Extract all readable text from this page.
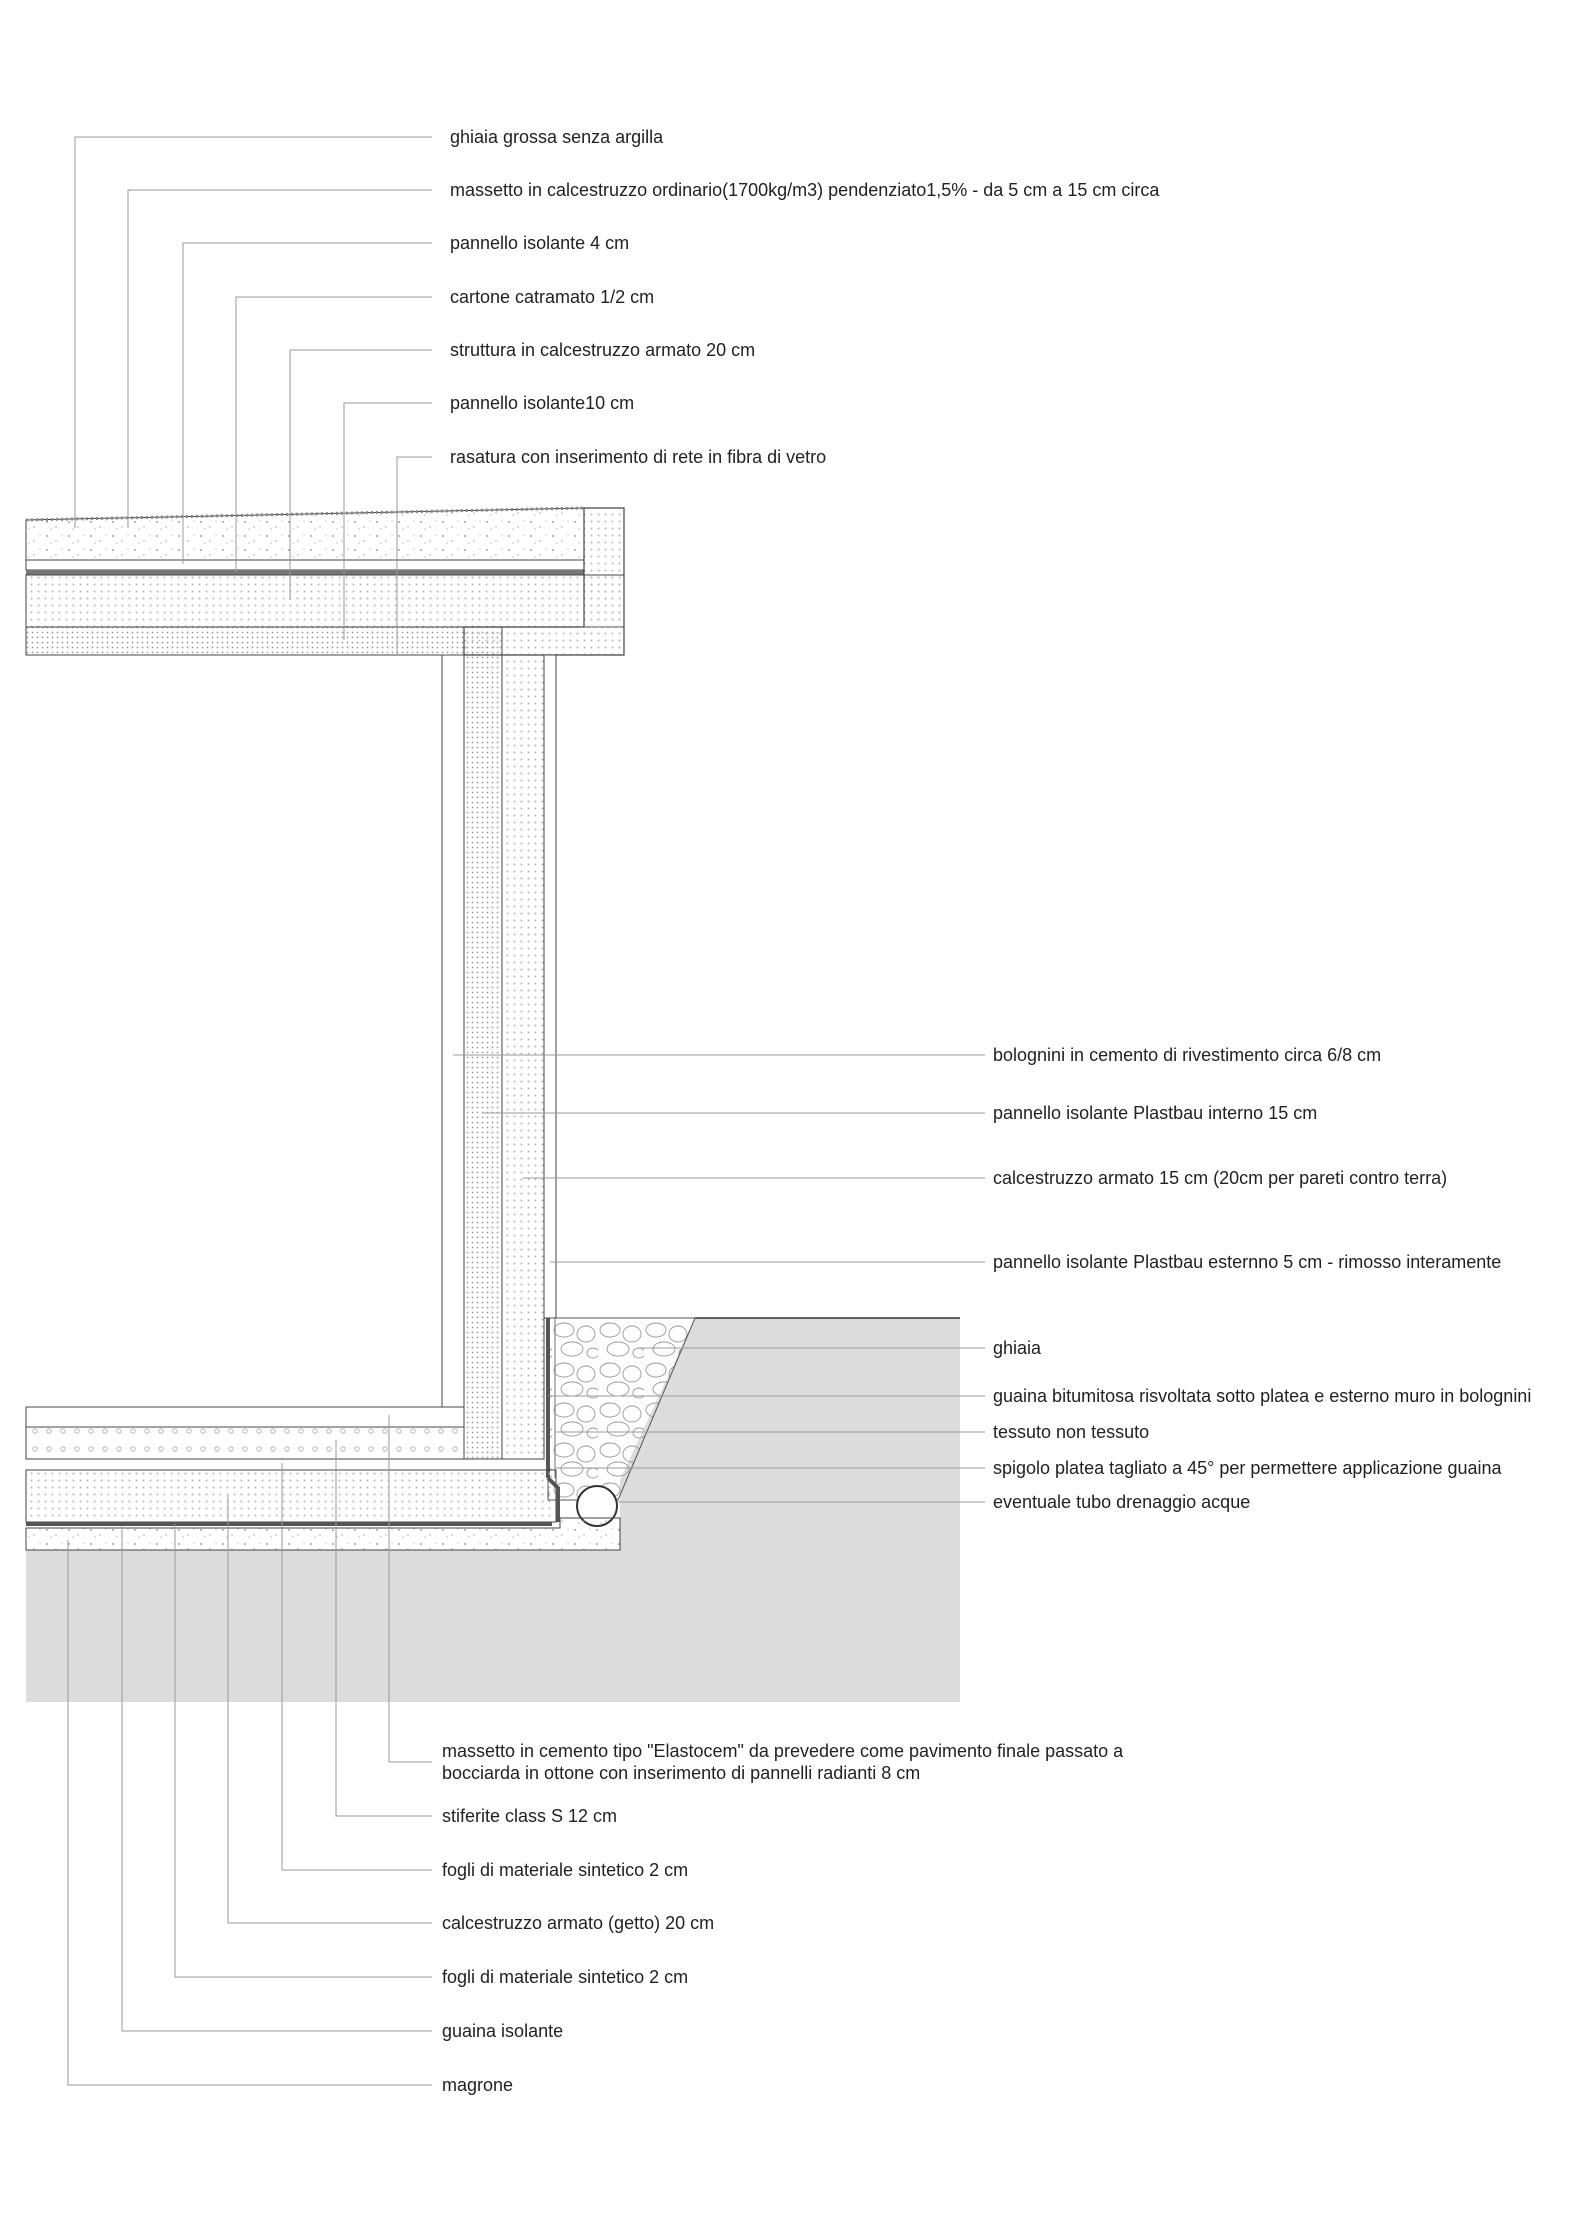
ghiaia grossa senza argilla
massetto in calcestruzzo ordinario(1700kg/m3) pendenziato1,5% - da 5 cm a 15 cm circa
pannello isolante 4 cm
cartone catramato 1/2 cm
struttura in calcestruzzo armato 20 cm
pannello isolante10 cm
rasatura con inserimento di rete in fibra di vetro
bolognini in cemento di rivestimento circa 6/8 cm
pannello isolante Plastbau interno 15 cm
calcestruzzo armato 15 cm (20cm per pareti contro terra)
pannello isolante Plastbau esternno 5 cm - rimosso interamente
ghiaia
guaina bitumitosa risvoltata sotto platea e esterno muro in bolognini
tessuto non tessuto
spigolo platea tagliato a 45° per permettere applicazione guaina
eventuale tubo drenaggio acque
massetto in cemento tipo "Elastocem" da prevedere come pavimento finale passato a bocciarda in ottone con inserimento di pannelli radianti 8 cm
stiferite class S 12 cm
fogli di materiale sintetico 2 cm
calcestruzzo armato (getto) 20 cm
fogli di materiale sintetico 2 cm
guaina isolante
magrone
